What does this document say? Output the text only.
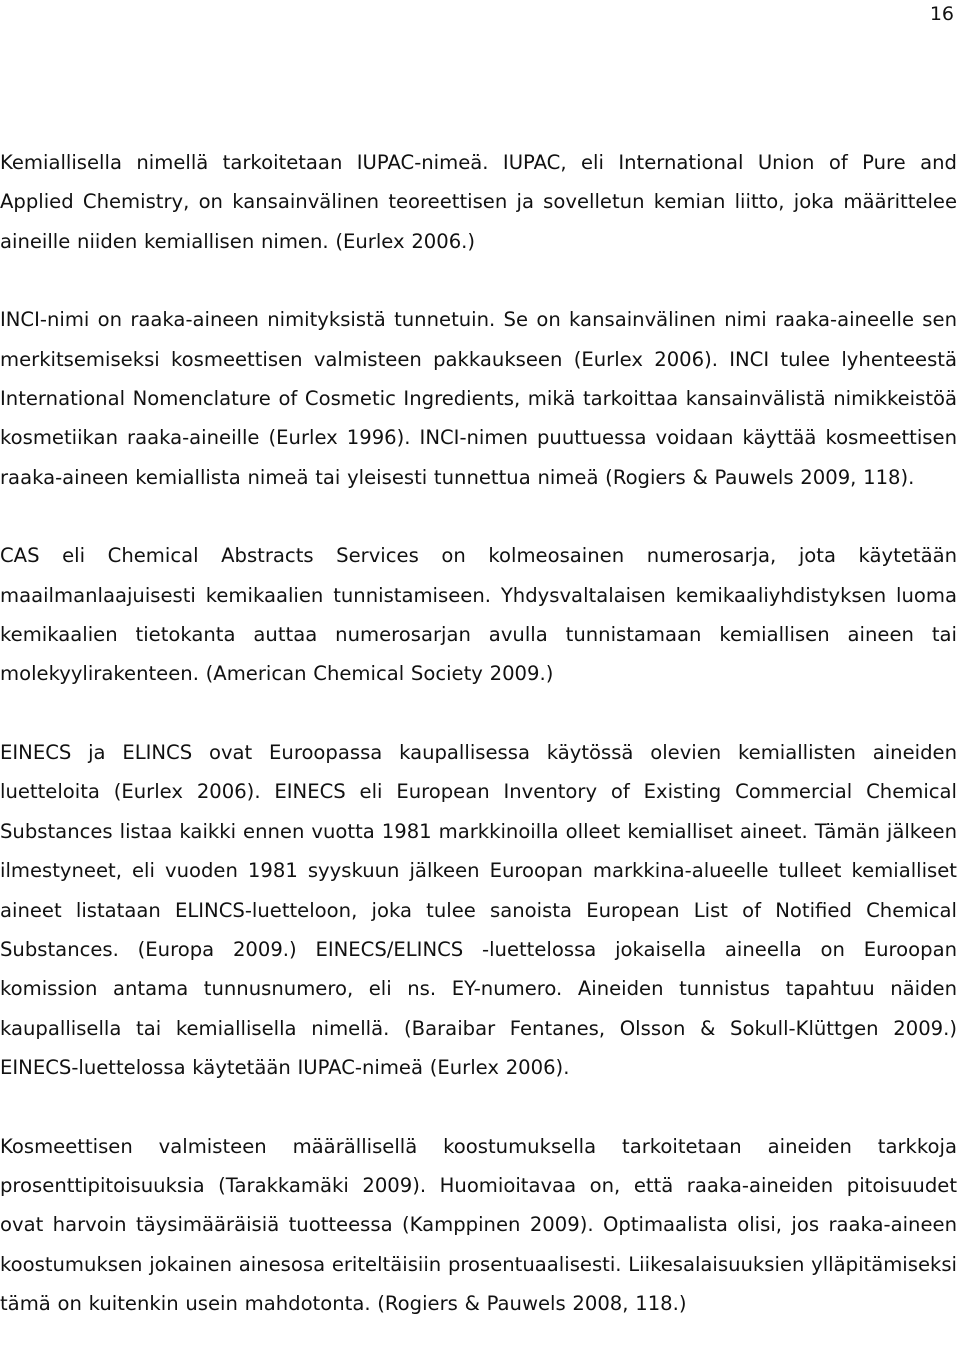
16

Kemiallisella nimellä tarkoitetaan IUPAC-nimeä. IUPAC, eli International Union of Pure and Applied Chemistry, on kansainvälinen teoreettisen ja sovelletun kemian liitto, joka määrittelee aineille niiden kemiallisen nimen. (Eurlex 2006.)

INCI-nimi on raaka-aineen nimityksistä tunnetuin. Se on kansainvälinen nimi raaka-aineelle sen merkitsemiseksi kosmeettisen valmisteen pakkaukseen (Eurlex 2006). INCI tulee lyhenteestä International Nomenclature of Cosmetic Ingredients, mikä tarkoittaa kansainvälistä nimikkeistöä kosmetiikan raaka-aineille (Eurlex 1996). INCI-nimen puuttuessa voidaan käyttää kosmeettisen raaka-aineen kemiallista nimeä tai yleisesti tunnettua nimeä (Rogiers & Pauwels 2009, 118).

CAS eli Chemical Abstracts Services on kolmeosainen numerosarja, jota käytetään maailmanlaajuisesti kemikaalien tunnistamiseen. Yhdysvaltalaisen kemikaaliyhdistyksen luoma kemikaalien tietokanta auttaa numerosarjan avulla tunnistamaan kemiallisen aineen tai molekyylirakenteen. (American Chemical Society 2009.)

EINECS ja ELINCS ovat Euroopassa kaupallisessa käytössä olevien kemiallisten aineiden luetteloita (Eurlex 2006). EINECS eli European Inventory of Existing Commercial Chemical Substances listaa kaikki ennen vuotta 1981 markkinoilla olleet kemialliset aineet. Tämän jälkeen ilmestyneet, eli vuoden 1981 syyskuun jälkeen Euroopan markkina-alueelle tulleet kemialliset aineet listataan ELINCS-luetteloon, joka tulee sanoista European List of Notified Chemical Substances. (Europa 2009.) EINECS/ELINCS -luettelossa jokaisella aineella on Euroopan komission antama tunnusnumero, eli ns. EY-numero. Aineiden tunnistus tapahtuu näiden kaupallisella tai kemiallisella nimellä. (Baraibar Fentanes, Olsson & Sokull-Klüttgen 2009.) EINECS-luettelossa käytetään IUPAC-nimeä (Eurlex 2006).

Kosmeettisen valmisteen määrällisellä koostumuksella tarkoitetaan aineiden tarkkoja prosenttipitoisuuksia (Tarakkamäki 2009). Huomioitavaa on, että raaka-aineiden pitoisuudet ovat harvoin täysimääräisiä tuotteessa (Kamppinen 2009). Optimaalista olisi, jos raaka-aineen koostumuksen jokainen ainesosa eriteltäisiin prosentuaalisesti. Liikesalaisuuksien ylläpitämiseksi tämä on kuitenkin usein mahdotonta. (Rogiers & Pauwels 2008, 118.)
